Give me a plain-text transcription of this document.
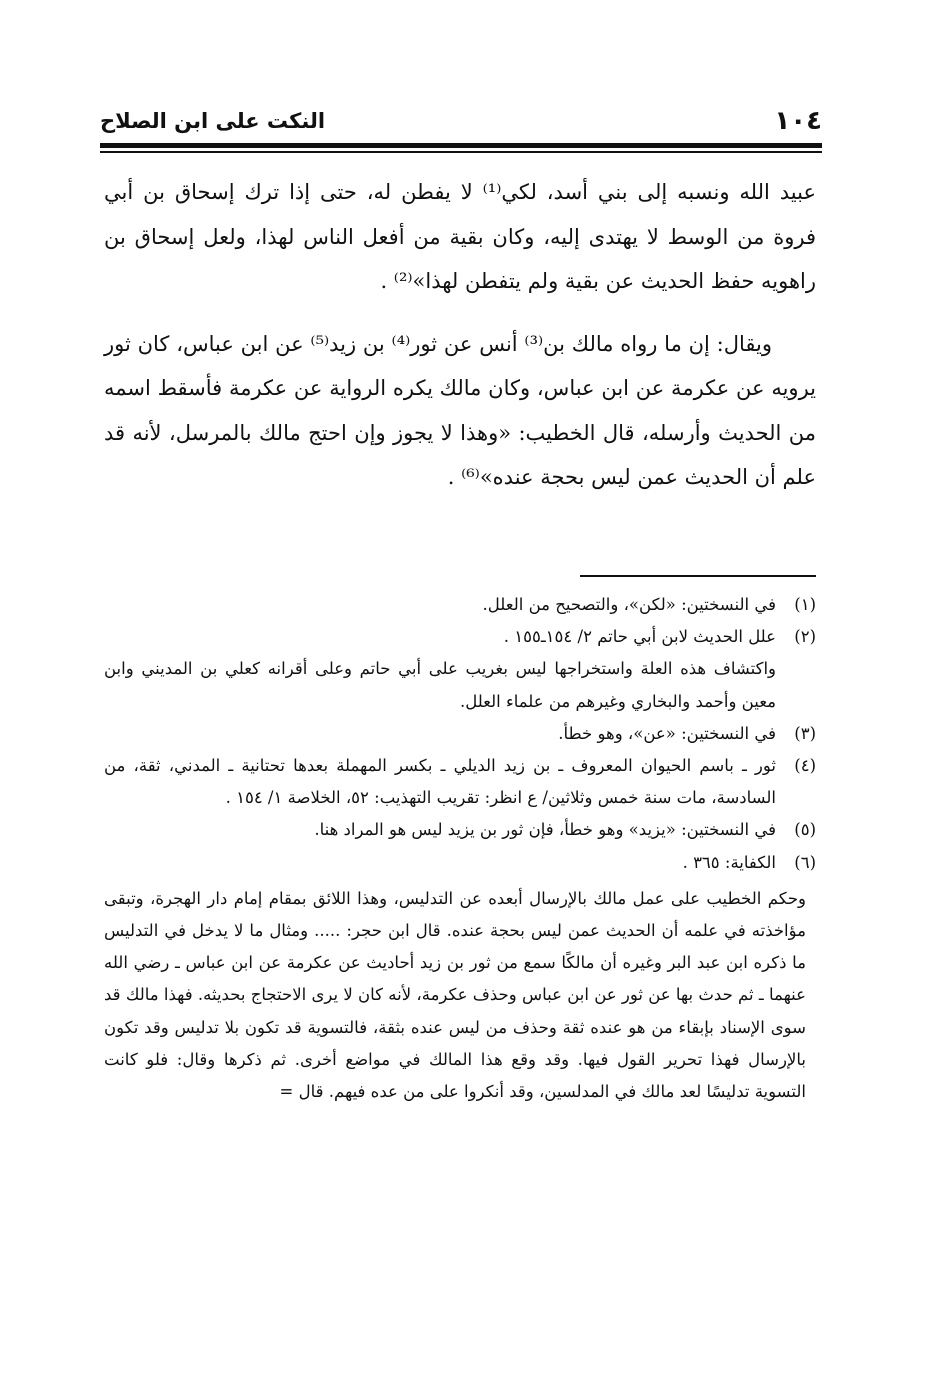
١٠٤
النكت على ابن الصلاح

عبيد الله ونسبه إلى بني أسد، لكي⁽¹⁾ لا يفطن له، حتى إذا ترك إسحاق بن أبي فروة من الوسط لا يهتدى إليه، وكان بقية من أفعل الناس لهذا، ولعل إسحاق بن راهويه حفظ الحديث عن بقية ولم يتفطن لهذا»⁽²⁾ .

ويقال: إن ما رواه مالك بن⁽³⁾ أنس عن ثور⁽⁴⁾ بن زيد⁽⁵⁾ عن ابن عباس، كان ثور يرويه عن عكرمة عن ابن عباس، وكان مالك يكره الرواية عن عكرمة فأسقط اسمه من الحديث وأرسله، قال الخطيب: «وهذا لا يجوز وإن احتج مالك بالمرسل، لأنه قد علم أن الحديث عمن ليس بحجة عنده»⁽⁶⁾ .

(١)
في النسختين: «لكن»، والتصحيح من العلل.
(٢)
علل الحديث لابن أبي حاتم ٢/ ١٥٤ـ١٥٥ .
واكتشاف هذه العلة واستخراجها ليس بغريب على أبي حاتم وعلى أقرانه كعلي بن المديني وابن معين وأحمد والبخاري وغيرهم من علماء العلل.
(٣)
في النسختين: «عن»، وهو خطأ.
(٤)
ثور ـ باسم الحيوان المعروف ـ بن زيد الديلي ـ بكسر المهملة بعدها تحتانية ـ المدني، ثقة، من السادسة، مات سنة خمس وثلاثين/ ع انظر: تقريب التهذيب: ٥٢، الخلاصة ١/ ١٥٤ .
(٥)
في النسختين: «يزيد» وهو خطأ، فإن ثور بن يزيد ليس هو المراد هنا.
(٦)
الكفاية: ٣٦٥ .
وحكم الخطيب على عمل مالك بالإرسال أبعده عن التدليس، وهذا اللائق بمقام إمام دار الهجرة، وتبقى مؤاخذته في علمه أن الحديث عمن ليس بحجة عنده. قال ابن حجر: ..... ومثال ما لا يدخل في التدليس ما ذكره ابن عبد البر وغيره أن مالكًا سمع من ثور بن زيد أحاديث عن عكرمة عن ابن عباس ـ رضي الله عنهما ـ ثم حدث بها عن ثور عن ابن عباس وحذف عكرمة، لأنه كان لا يرى الاحتجاج بحديثه. فهذا مالك قد سوى الإسناد بإبقاء من هو عنده ثقة وحذف من ليس عنده بثقة، فالتسوية قد تكون بلا تدليس وقد تكون بالإرسال فهذا تحرير القول فيها. وقد وقع هذا المالك في مواضع أخرى. ثم ذكرها وقال: فلو كانت التسوية تدليسًا لعد مالك في المدلسين، وقد أنكروا على من عده فيهم. قال =
